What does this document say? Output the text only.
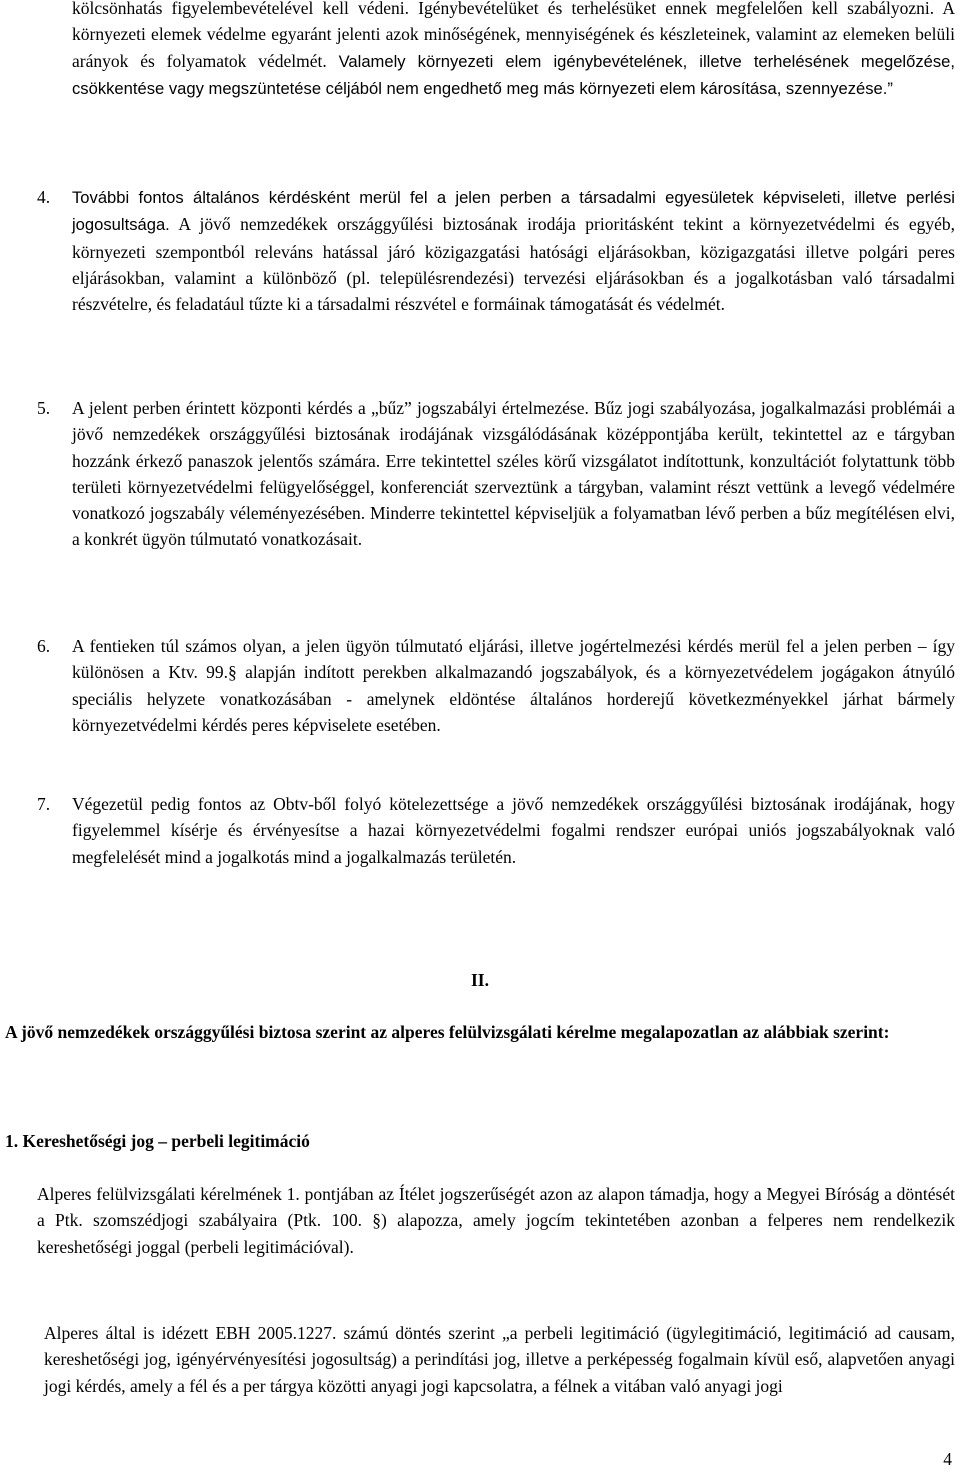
kölcsönhatás figyelembevételével kell védeni. Igénybevételüket és terhelésüket ennek megfelelően kell szabályozni. A környezeti elemek védelme egyaránt jelenti azok minőségének, mennyiségének és készleteinek, valamint az elemeken belüli arányok és folyamatok védelmét. Valamely környezeti elem igénybevételének, illetve terhelésének megelőzése, csökkentése vagy megszüntetése céljából nem engedhető meg más környezeti elem károsítása, szennyezése.”

4. További fontos általános kérdésként merül fel a jelen perben a társadalmi egyesületek képviseleti, illetve perlési jogosultsága. A jövő nemzedékek országgyűlési biztosának irodája prioritásként tekint a környezetvédelmi és egyéb, környezeti szempontból releváns hatással járó közigazgatási hatósági eljárásokban, közigazgatási illetve polgári peres eljárásokban, valamint a különböző (pl. településrendezési) tervezési eljárásokban és a jogalkotásban való társadalmi részvételre, és feladatául tűzte ki a társadalmi részvétel e formáinak támogatását és védelmét.

5. A jelent perben érintett központi kérdés a „bűz” jogszabályi értelmezése. Bűz jogi szabályozása, jogalkalmazási problémái a jövő nemzedékek országgyűlési biztosának irodájának vizsgálódásának középpontjába került, tekintettel az e tárgyban hozzánk érkező panaszok jelentős számára. Erre tekintettel széles körű vizsgálatot indítottunk, konzultációt folytattunk több területi környezetvédelmi felügyelőséggel, konferenciát szerveztünk a tárgyban, valamint részt vettünk a levegő védelmére vonatkozó jogszabály véleményezésében. Minderre tekintettel képviseljük a folyamatban lévő perben a bűz megítélésen elvi, a konkrét ügyön túlmutató vonatkozásait.

6. A fentieken túl számos olyan, a jelen ügyön túlmutató eljárási, illetve jogértelmezési kérdés merül fel a jelen perben – így különösen a Ktv. 99.§ alapján indított perekben alkalmazandó jogszabályok, és a környezetvédelem jogágakon átnyúló speciális helyzete vonatkozásában - amelynek eldöntése általános horderejű következményekkel járhat bármely környezetvédelmi kérdés peres képviselete esetében.

7. Végezetül pedig fontos az Obtv-ből folyó kötelezettsége a jövő nemzedékek országgyűlési biztosának irodájának, hogy figyelemmel kísérje és érvényesítse a hazai környezetvédelmi fogalmi rendszer európai uniós jogszabályoknak való megfelelését mind a jogalkotás mind a jogalkalmazás területén.

II.

A jövő nemzedékek országgyűlési biztosa szerint az alperes felülvizsgálati kérelme megalapozatlan az alábbiak szerint:

1. Kereshetőségi jog – perbeli legitimáció

Alperes felülvizsgálati kérelmének 1. pontjában az Ítélet jogszerűségét azon az alapon támadja, hogy a Megyei Bíróság a döntését a Ptk. szomszédjogi szabályaira (Ptk. 100. §) alapozza, amely jogcím tekintetében azonban a felperes nem rendelkezik kereshetőségi joggal (perbeli legitimációval).

Alperes által is idézett EBH 2005.1227. számú döntés szerint „a perbeli legitimáció (ügylegitimáció, legitimáció ad causam, kereshetőségi jog, igényérvényesítési jogosultság) a perindítási jog, illetve a perképesség fogalmain kívül eső, alapvetően anyagi jogi kérdés, amely a fél és a per tárgya közötti anyagi jogi kapcsolatra, a félnek a vitában való anyagi jogi

4
